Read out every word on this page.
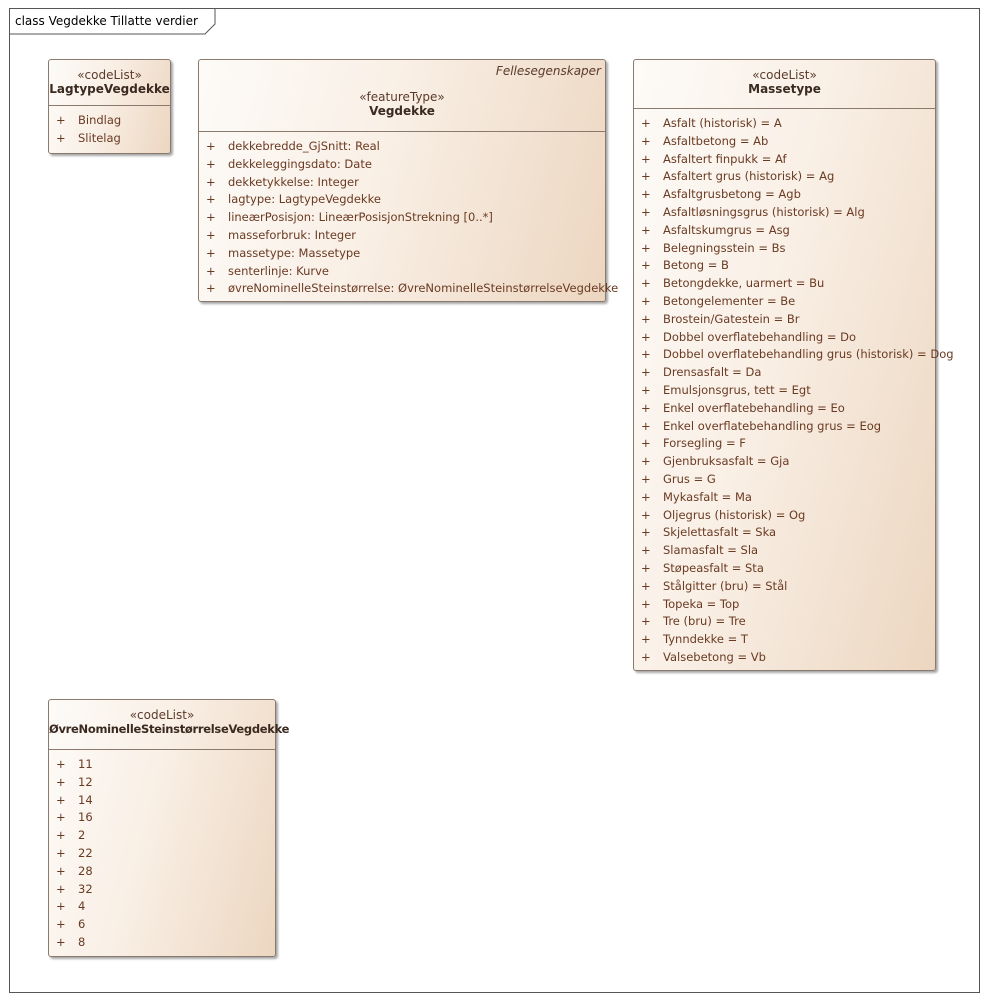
class Vegdekke Tillatte verdier
«codeList»
LagtypeVegdekke
+ Bindlag
+ Slitelag
Fellesegenskaper
«featureType»
Vegdekke
+ dekkebredde_GjSnitt: Real
+ dekkeleggingsdato: Date
+ dekketykkelse: Integer
+ lagtype: LagtypeVegdekke
+ lineærPosisjon: LineærPosisjonStrekning [0..*]
+ masseforbruk: Integer
+ massetype: Massetype
+ senterlinje: Kurve
+ øvreNominelleSteinstørrelse: ØvreNominelleSteinstørrelseVegdekke
«codeList»
Massetype
+ Asfalt (historisk) = A
+ Asfaltbetong = Ab
+ Asfaltert finpukk = Af
+ Asfaltert grus (historisk) = Ag
+ Asfaltgrusbetong = Agb
+ Asfaltløsningsgrus (historisk) = Alg
+ Asfaltskumgrus = Asg
+ Belegningsstein = Bs
+ Betong = B
+ Betongdekke, uarmert = Bu
+ Betongelementer = Be
+ Brostein/Gatestein = Br
+ Dobbel overflatebehandling = Do
+ Dobbel overflatebehandling grus (historisk) = Dog
+ Drensasfalt = Da
+ Emulsjonsgrus, tett = Egt
+ Enkel overflatebehandling = Eo
+ Enkel overflatebehandling grus = Eog
+ Forsegling = F
+ Gjenbruksasfalt = Gja
+ Grus = G
+ Mykasfalt = Ma
+ Oljegrus (historisk) = Og
+ Skjelettasfalt = Ska
+ Slamasfalt = Sla
+ Støpeasfalt = Sta
+ Stålgitter (bru) = Stål
+ Topeka = Top
+ Tre (bru) = Tre
+ Tynndekke = T
+ Valsebetong = Vb
«codeList»
ØvreNominelleSteinstørrelseVegdekke
+ 11
+ 12
+ 14
+ 16
+ 2
+ 22
+ 28
+ 32
+ 4
+ 6
+ 8
